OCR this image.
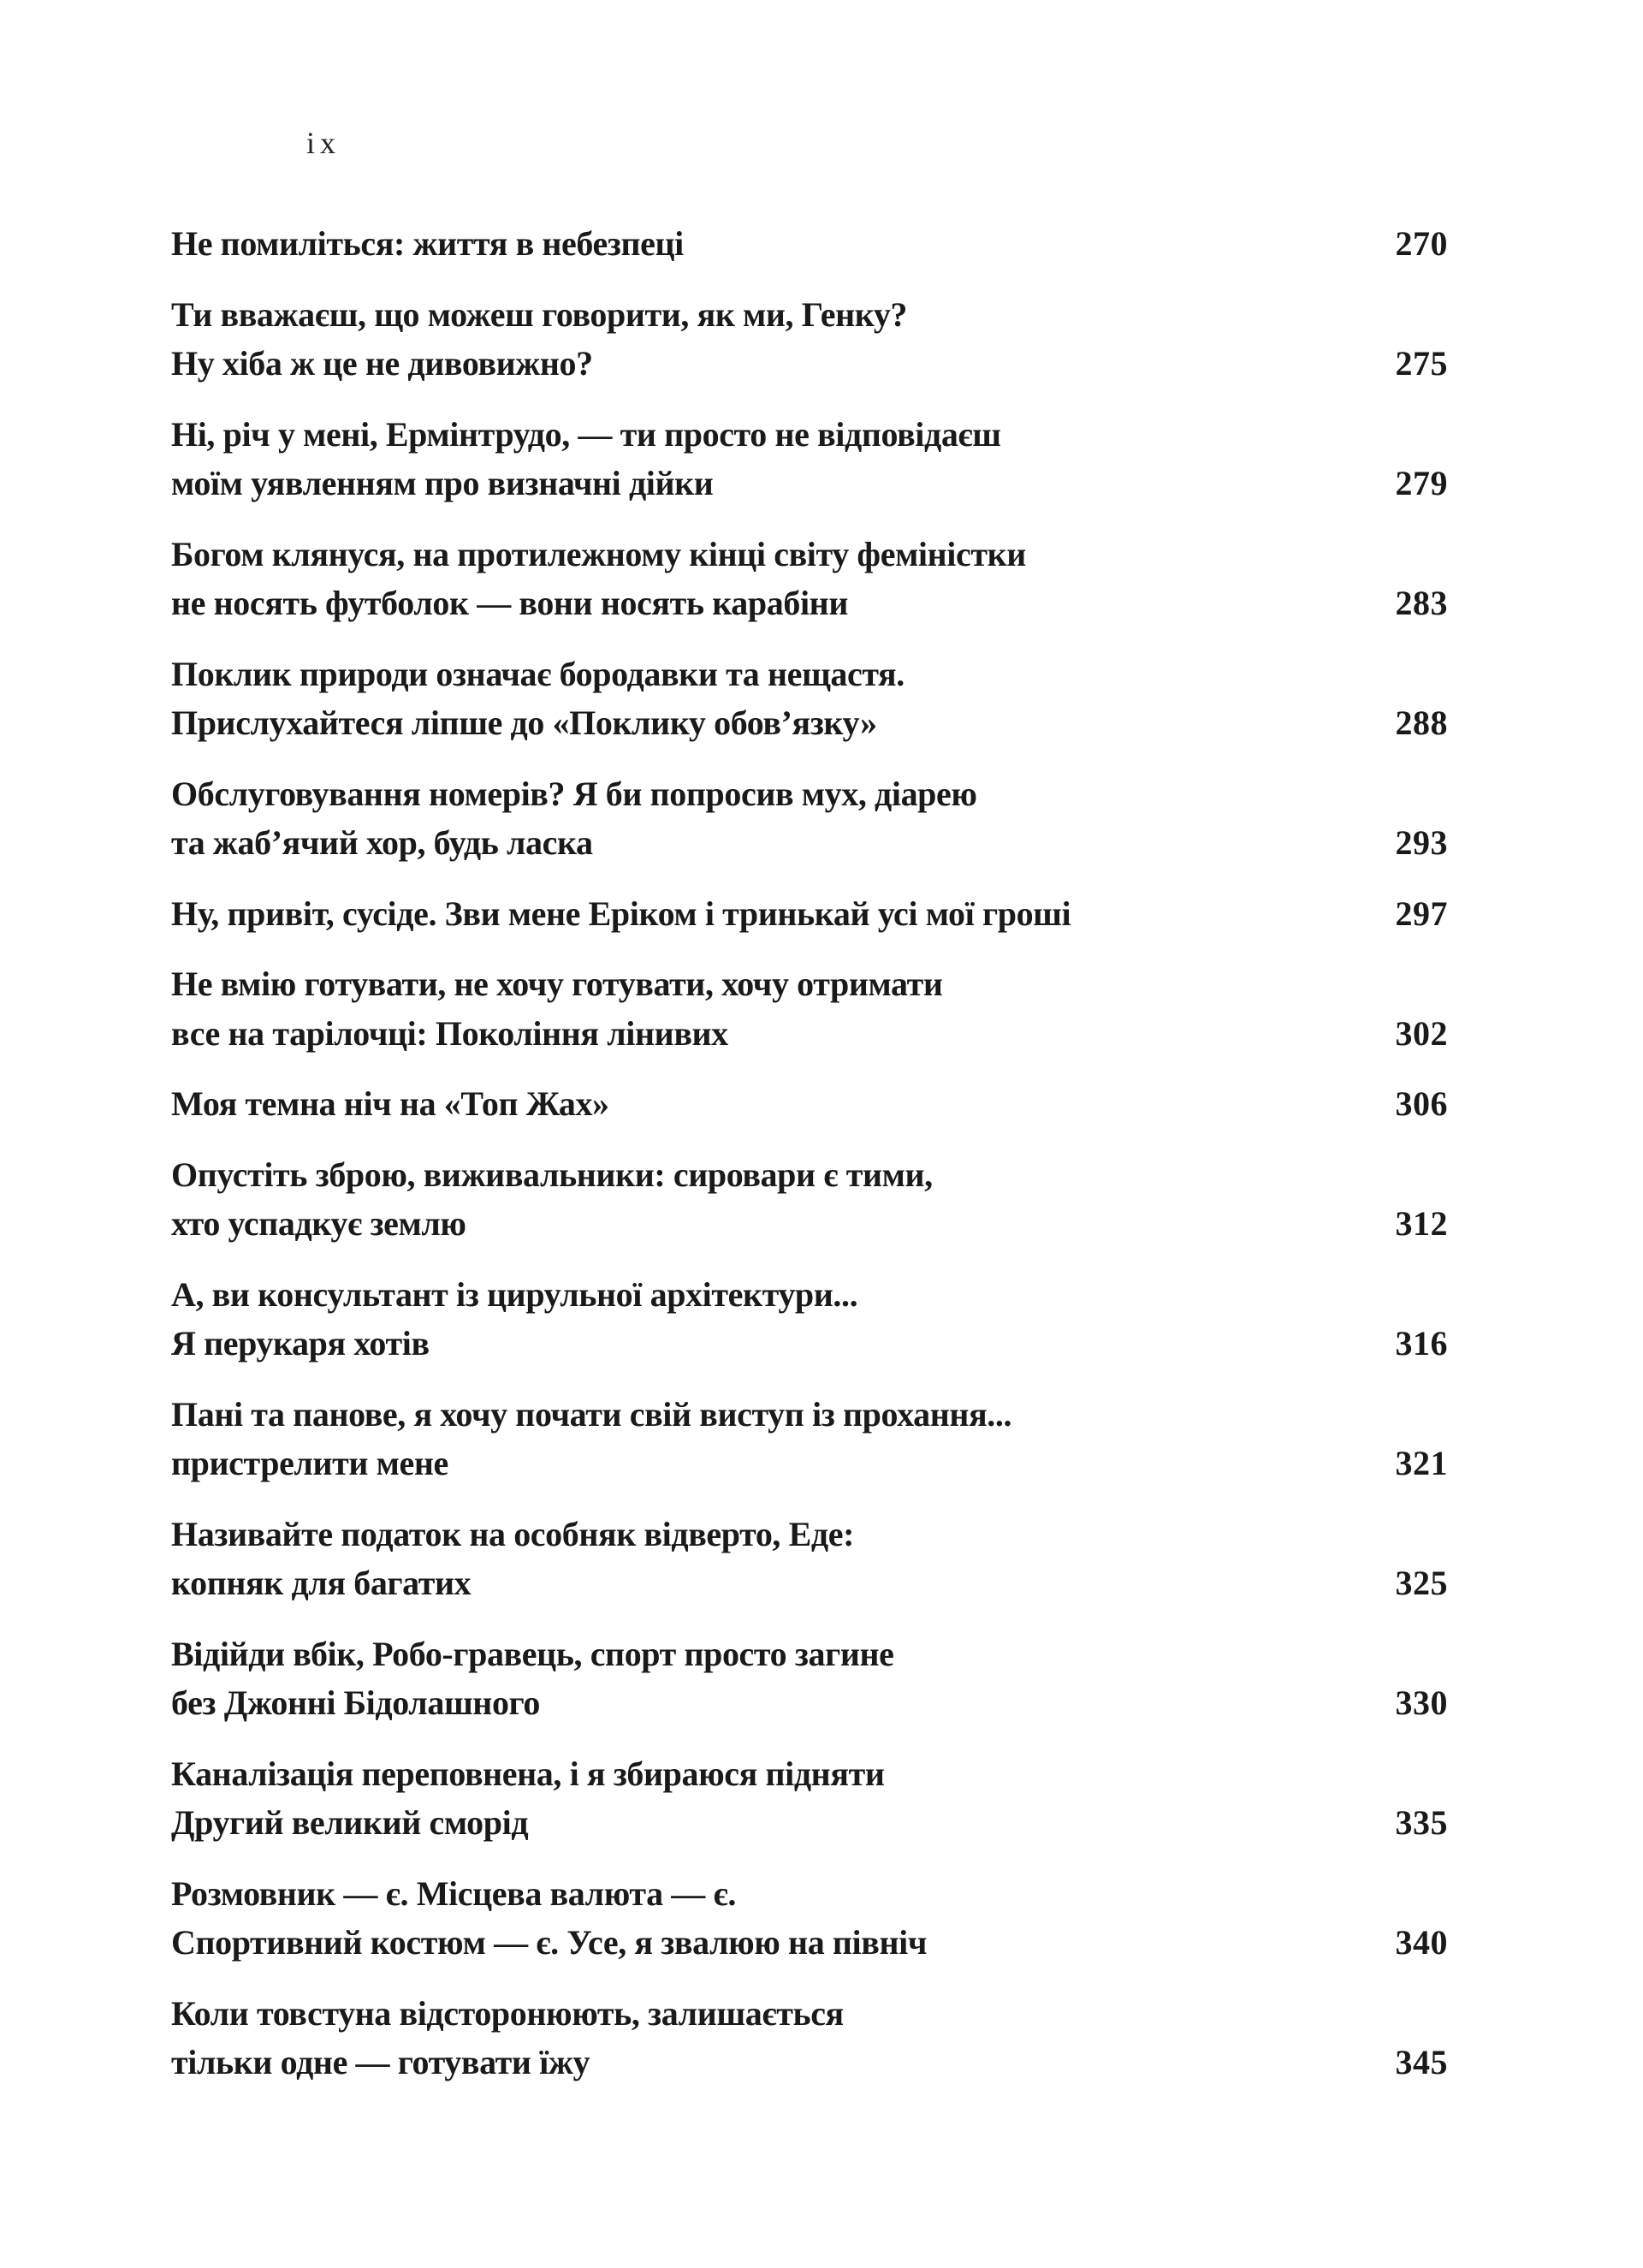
ix
Не помиліться: життя в небезпеці	270
Ти вважаєш, що можеш говорити, як ми, Генку?
Ну хіба ж це не дивовижно?	275
Ні, річ у мені, Ермінтрудо, — ти просто не відповідаєш
моїм уявленням про визначні дійки	279
Богом клянуся, на протилежному кінці світу феміністки
не носять футболок — вони носять карабіни	283
Поклик природи означає бородавки та нещастя.
Прислухайтеся ліпше до «Поклику обов’язку»	288
Обслуговування номерів? Я би попросив мух, діарею
та жаб’ячий хор, будь ласка	293
Ну, привіт, сусіде. Зви мене Еріком і тринькай усі мої гроші	297
Не вмію готувати, не хочу готувати, хочу отримати
все на тарілочці: Покоління лінивих	302
Моя темна ніч на «Топ Жах»	306
Опустіть зброю, виживальники: сировари є тими,
хто успадкує землю	312
А, ви консультант із цирульної архітектури...
Я перукаря хотів	316
Пані та панове, я хочу почати свій виступ із прохання...
пристрелити мене	321
Називайте податок на особняк відверто, Еде:
копняк для багатих	325
Відійди вбік, Робо-гравець, спорт просто загине
без Джонні Бідолашного	330
Каналізація переповнена, і я збираюся підняти
Другий великий сморід	335
Розмовник — є. Місцева валюта — є.
Спортивний костюм — є. Усе, я звалюю на північ	340
Коли товстуна відсторонюють, залишається
тільки одне — готувати їжу	345
